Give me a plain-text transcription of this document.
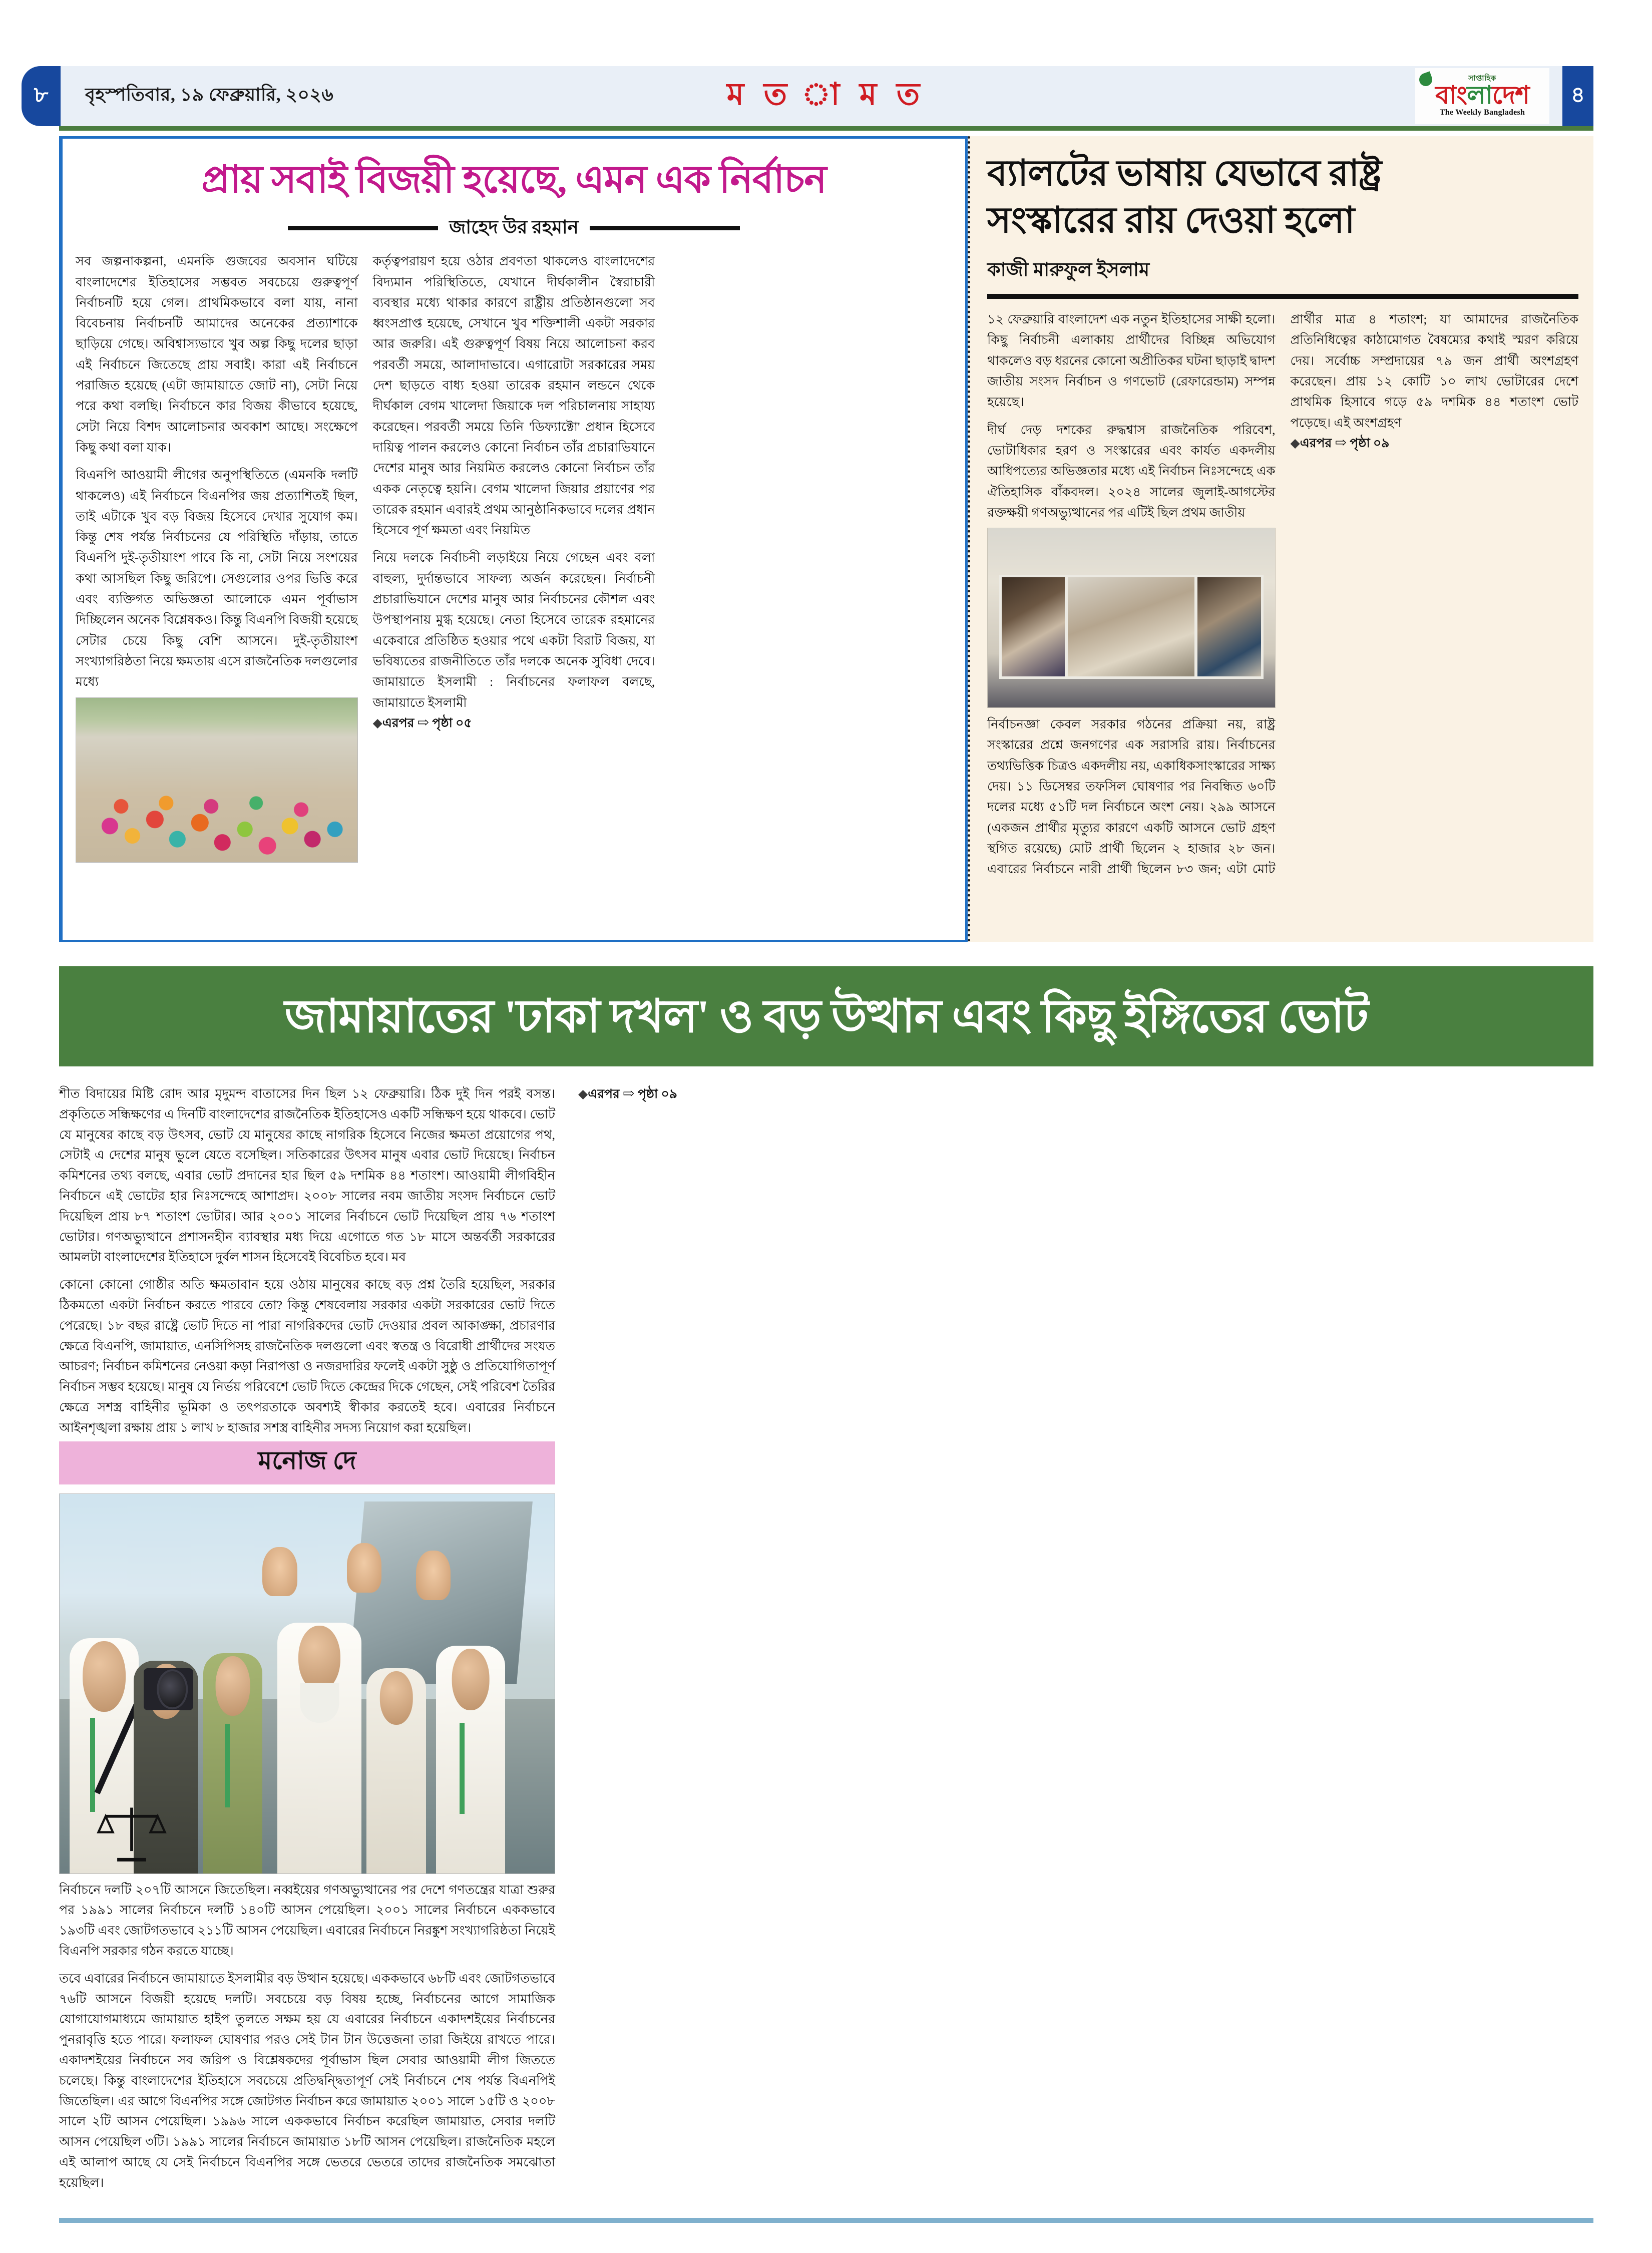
৮	বৃহস্পতিবার, ১৯ ফেব্রুয়ারি, ২০২৬	ম ত া ম ত	সাপ্তাহিক
বাংলাদেশ
The Weekly Bangladesh
৪
প্রায় সবাই বিজয়ী হয়েছে, এমন এক নির্বাচন
জাহেদ উর রহমান

সব জল্পনাকল্পনা, এমনকি গুজবের অবসান ঘটিয়ে বাংলাদেশের ইতিহাসের সম্ভবত সবচেয়ে গুরুত্বপূর্ণ নির্বাচনটি হয়ে গেল। প্রাথমিকভাবে বলা যায়, নানা বিবেচনায় নির্বাচনটি আমাদের অনেকের প্রত্যাশাকে ছাড়িয়ে গেছে। অবিশ্বাস্যভাবে খুব অল্প কিছু দলের ছাড়া এই নির্বাচনে জিতেছে প্রায় সবাই। কারা এই নির্বাচনে পরাজিত হয়েছে (এটা জামায়াতে জোট না), সেটা নিয়ে পরে কথা বলছি। নির্বাচনে কার বিজয় কীভাবে হয়েছে, সেটা নিয়ে বিশদ আলোচনার অবকাশ আছে। সংক্ষেপে কিছু কথা বলা যাক।

বিএনপি আওয়ামী লীগের অনুপস্থিতিতে (এমনকি দলটি থাকলেও) এই নির্বাচনে বিএনপির জয় প্রত্যাশিতই ছিল, তাই এটাকে খুব বড় বিজয় হিসেবে দেখার সুযোগ কম। কিন্তু শেষ পর্যন্ত নির্বাচনের যে পরিস্থিতি দাঁড়ায়, তাতে বিএনপি দুই-তৃতীয়াংশ পাবে কি না, সেটা নিয়ে সংশয়ের কথা আসছিল কিছু জরিপে। সেগুলোর ওপর ভিত্তি করে এবং ব্যক্তিগত অভিজ্ঞতা আলোকে এমন পূর্বাভাস দিচ্ছিলেন অনেক বিশ্লেষকও। কিন্তু বিএনপি বিজয়ী হয়েছে সেটার চেয়ে কিছু বেশি আসনে। দুই-তৃতীয়াংশ সংখ্যাগরিষ্ঠতা নিয়ে ক্ষমতায় এসে রাজনৈতিক দলগুলোর মধ্যে

কর্তৃত্বপরায়ণ হয়ে ওঠার প্রবণতা থাকলেও বাংলাদেশের বিদ্যমান পরিস্থিতিতে, যেখানে দীর্ঘকালীন স্বৈরাচারী ব্যবস্থার মধ্যে থাকার কারণে রাষ্ট্রীয় প্রতিষ্ঠানগুলো সব ধ্বংসপ্রাপ্ত হয়েছে, সেখানে খুব শক্তিশালী একটা সরকার আর জরুরি। এই গুরুত্বপূর্ণ বিষয় নিয়ে আলোচনা করব পরবর্তী সময়ে, আলাদাভাবে। এগারোটা সরকারের সময় দেশ ছাড়তে বাধ্য হওয়া তারেক রহমান লন্ডনে থেকে দীর্ঘকাল বেগম খালেদা জিয়াকে দল পরিচালনায় সাহায্য করেছেন। পরবর্তী সময়ে তিনি 'ডিফ্যাক্টো' প্রধান হিসেবে দায়িত্ব পালন করলেও কোনো নির্বাচন তাঁর প্রচারাভিযানে দেশের মানুষ আর নিয়মিত করলেও কোনো নির্বাচন তাঁর একক নেতৃত্বে হয়নি। বেগম খালেদা জিয়ার প্রয়াণের পর তারেক রহমান এবারই প্রথম আনুষ্ঠানিকভাবে দলের প্রধান হিসেবে পূর্ণ ক্ষমতা এবং নিয়মিত

নিয়ে দলকে নির্বাচনী লড়াইয়ে নিয়ে গেছেন এবং বলা বাহুল্য, দুর্দান্তভাবে সাফল্য অর্জন করেছেন। নির্বাচনী প্রচারাভিযানে দেশের মানুষ আর নির্বাচনের কৌশল এবং উপস্থাপনায় মুগ্ধ হয়েছে। নেতা হিসেবে তারেক রহমানের একেবারে প্রতিষ্ঠিত হওয়ার পথে একটা বিরাট বিজয়, যা ভবিষ্যতের রাজনীতিতে তাঁর দলকে অনেক সুবিধা দেবে। জামায়াতে ইসলামী : নির্বাচনের ফলাফল বলছে, জামায়াতে ইসলামী

◆এরপর ⇨ পৃষ্ঠা ০৫

ব্যালটের ভাষায় যেভাবে রাষ্ট্র
সংস্কারের রায় দেওয়া হলো
কাজী মারুফুল ইসলাম

১২ ফেব্রুয়ারি বাংলাদেশ এক নতুন ইতিহাসের সাক্ষী হলো। কিছু নির্বাচনী এলাকায় প্রার্থীদের বিচ্ছিন্ন অভিযোগ থাকলেও বড় ধরনের কোনো অপ্রীতিকর ঘটনা ছাড়াই দ্বাদশ জাতীয় সংসদ নির্বাচন ও গণভোট (রেফারেন্ডাম) সম্পন্ন হয়েছে।

দীর্ঘ দেড় দশকের রুদ্ধশ্বাস রাজনৈতিক পরিবেশ, ভোটাধিকার হরণ ও সংস্কারের এবং কার্যত একদলীয় আধিপত্যের অভিজ্ঞতার মধ্যে এই নির্বাচন নিঃসন্দেহে এক ঐতিহাসিক বাঁকবদল। ২০২৪ সালের জুলাই-আগস্টের রক্তক্ষয়ী গণঅভ্যুত্থানের পর এটিই ছিল প্রথম জাতীয়

নির্বাচনজ্ঞা কেবল সরকার গঠনের প্রক্রিয়া নয়, রাষ্ট্র সংস্কারের প্রশ্নে জনগণের এক সরাসরি রায়। নির্বাচনের তথ্যভিত্তিক চিত্রও একদলীয় নয়, একাধিকসাংস্কারের সাক্ষ্য দেয়। ১১ ডিসেম্বর তফসিল ঘোষণার পর নিবন্ধিত ৬০টি দলের মধ্যে ৫১টি দল নির্বাচনে অংশ নেয়। ২৯৯ আসনে (একজন প্রার্থীর মৃত্যুর কারণে একটি আসনে ভোট গ্রহণ স্থগিত রয়েছে) মোট প্রার্থী ছিলেন ২ হাজার ২৮ জন। এবারের নির্বাচনে নারী প্রার্থী ছিলেন ৮৩ জন; এটা মোট প্রার্থীর মাত্র ৪ শতাংশ; যা আমাদের রাজনৈতিক প্রতিনিধিত্বের কাঠামোগত বৈষম্যের কথাই স্মরণ করিয়ে দেয়। সর্বোচ্চ সম্প্রদায়ের ৭৯ জন প্রার্থী অংশগ্রহণ করেছেন। প্রায় ১২ কোটি ১০ লাখ ভোটারের দেশে প্রাথমিক হিসাবে গড়ে ৫৯ দশমিক ৪৪ শতাংশ ভোট পড়েছে। এই অংশগ্রহণ

◆এরপর ⇨ পৃষ্ঠা ০৯

জামায়াতের 'ঢাকা দখল' ও বড় উত্থান এবং কিছু ইঙ্গিতের ভোট

শীত বিদায়ের মিষ্টি রোদ আর মৃদুমন্দ বাতাসের দিন ছিল ১২ ফেব্রুয়ারি। ঠিক দুই দিন পরই বসন্ত। প্রকৃতিতে সন্ধিক্ষণের এ দিনটি বাংলাদেশের রাজনৈতিক ইতিহাসেও একটি সন্ধিক্ষণ হয়ে থাকবে। ভোট যে মানুষের কাছে বড় উৎসব, ভোট যে মানুষের কাছে নাগরিক হিসেবে নিজের ক্ষমতা প্রয়োগের পথ, সেটাই এ দেশের মানুষ ভুলে যেতে বসেছিল। সতিকারের উৎসব মানুষ এবার ভোট দিয়েছে। নির্বাচন কমিশনের তথ্য বলছে, এবার ভোট প্রদানের হার ছিল ৫৯ দশমিক ৪৪ শতাংশ। আওয়ামী লীগবিহীন নির্বাচনে এই ভোটের হার নিঃসন্দেহে আশাপ্রদ। ২০০৮ সালের নবম জাতীয় সংসদ নির্বাচনে ভোট দিয়েছিল প্রায় ৮৭ শতাংশ ভোটার। আর ২০০১ সালের নির্বাচনে ভোট দিয়েছিল প্রায় ৭৬ শতাংশ ভোটার। গণঅভ্যুত্থানে প্রশাসনহীন ব্যাবস্থার মধ্য দিয়ে এগোতে গত ১৮ মাসে অন্তর্বর্তী সরকারের আমলটা বাংলাদেশের ইতিহাসে দুর্বল শাসন হিসেবেই বিবেচিত হবে। মব

কোনো কোনো গোষ্ঠীর অতি ক্ষমতাবান হয়ে ওঠায় মানুষের কাছে বড় প্রশ্ন তৈরি হয়েছিল, সরকার ঠিকমতো একটা নির্বাচন করতে পারবে তো? কিন্তু শেষবেলায় সরকার একটা সরকারের ভোট দিতে পেরেছে। ১৮ বছর রাষ্ট্রে ভোট দিতে না পারা নাগরিকদের ভোট দেওয়ার প্রবল আকাঙ্ক্ষা, প্রচারণার ক্ষেত্রে বিএনপি, জামায়াত, এনসিপিসহ রাজনৈতিক দলগুলো এবং স্বতন্ত্র ও বিরোধী প্রার্থীদের সংযত আচরণ; নির্বাচন কমিশনের নেওয়া কড়া নিরাপত্তা ও নজরদারির ফলেই একটা সুষ্ঠু ও প্রতিযোগিতাপূর্ণ নির্বাচন সম্ভব হয়েছে। মানুষ যে নির্ভয় পরিবেশে ভোট দিতে কেন্দ্রের দিকে গেছেন, সেই পরিবেশ তৈরির ক্ষেত্রে সশস্ত্র বাহিনীর ভূমিকা ও তৎপরতাকে অবশ্যই স্বীকার করতেই হবে। এবারের নির্বাচনে আইনশৃঙ্খলা রক্ষায় প্রায় ১ লাখ ৮ হাজার সশস্ত্র বাহিনীর সদস্য নিয়োগ করা হয়েছিল।

মনোজ দে

নির্বাচনে দলটি ২০৭টি আসনে জিতেছিল। নব্বইয়ের গণঅভ্যুত্থানের পর দেশে গণতন্ত্রের যাত্রা শুরুর পর ১৯৯১ সালের নির্বাচনে দলটি ১৪০টি আসন পেয়েছিল। ২০০১ সালের নির্বাচনে এককভাবে ১৯৩টি এবং জোটগতভাবে ২১১টি আসন পেয়েছিল। এবারের নির্বাচনে নিরঙ্কুশ সংখ্যাগরিষ্ঠতা নিয়েই বিএনপি সরকার গঠন করতে যাচ্ছে।

তবে এবারের নির্বাচনে জামায়াতে ইসলামীর বড় উত্থান হয়েছে। এককভাবে ৬৮টি এবং জোটগতভাবে ৭৬টি আসনে বিজয়ী হয়েছে দলটি। সবচেয়ে বড় বিষয় হচ্ছে, নির্বাচনের আগে সামাজিক যোগাযোগমাধ্যমে জামায়াত হাইপ তুলতে সক্ষম হয় যে এবারের নির্বাচনে একাদশইয়ের নির্বাচনের পুনরাবৃত্তি হতে পারে। ফলাফল ঘোষণার পরও সেই টান টান উত্তেজনা তারা জিইয়ে রাখতে পারে। একাদশইয়ের নির্বাচনে সব জরিপ ও বিশ্লেষকদের পূর্বাভাস ছিল সেবার আওয়ামী লীগ জিততে চলেছে। কিন্তু বাংলাদেশের ইতিহাসে সবচেয়ে প্রতিদ্বন্দ্বিতাপূর্ণ সেই নির্বাচনে শেষ পর্যন্ত বিএনপিই জিতেছিল। এর আগে বিএনপির সঙ্গে জোটগত নির্বাচন করে জামায়াত ২০০১ সালে ১৫টি ও ২০০৮ সালে ২টি আসন পেয়েছিল। ১৯৯৬ সালে এককভাবে নির্বাচন করেছিল জামায়াত, সেবার দলটি আসন পেয়েছিল ৩টি। ১৯৯১ সালের নির্বাচনে জামায়াত ১৮টি আসন পেয়েছিল। রাজনৈতিক মহলে এই আলাপ আছে যে সেই নির্বাচনে বিএনপির সঙ্গে ভেতরে ভেতরে তাদের রাজনৈতিক সমঝোতা হয়েছিল।

◆এরপর ⇨ পৃষ্ঠা ০৯
